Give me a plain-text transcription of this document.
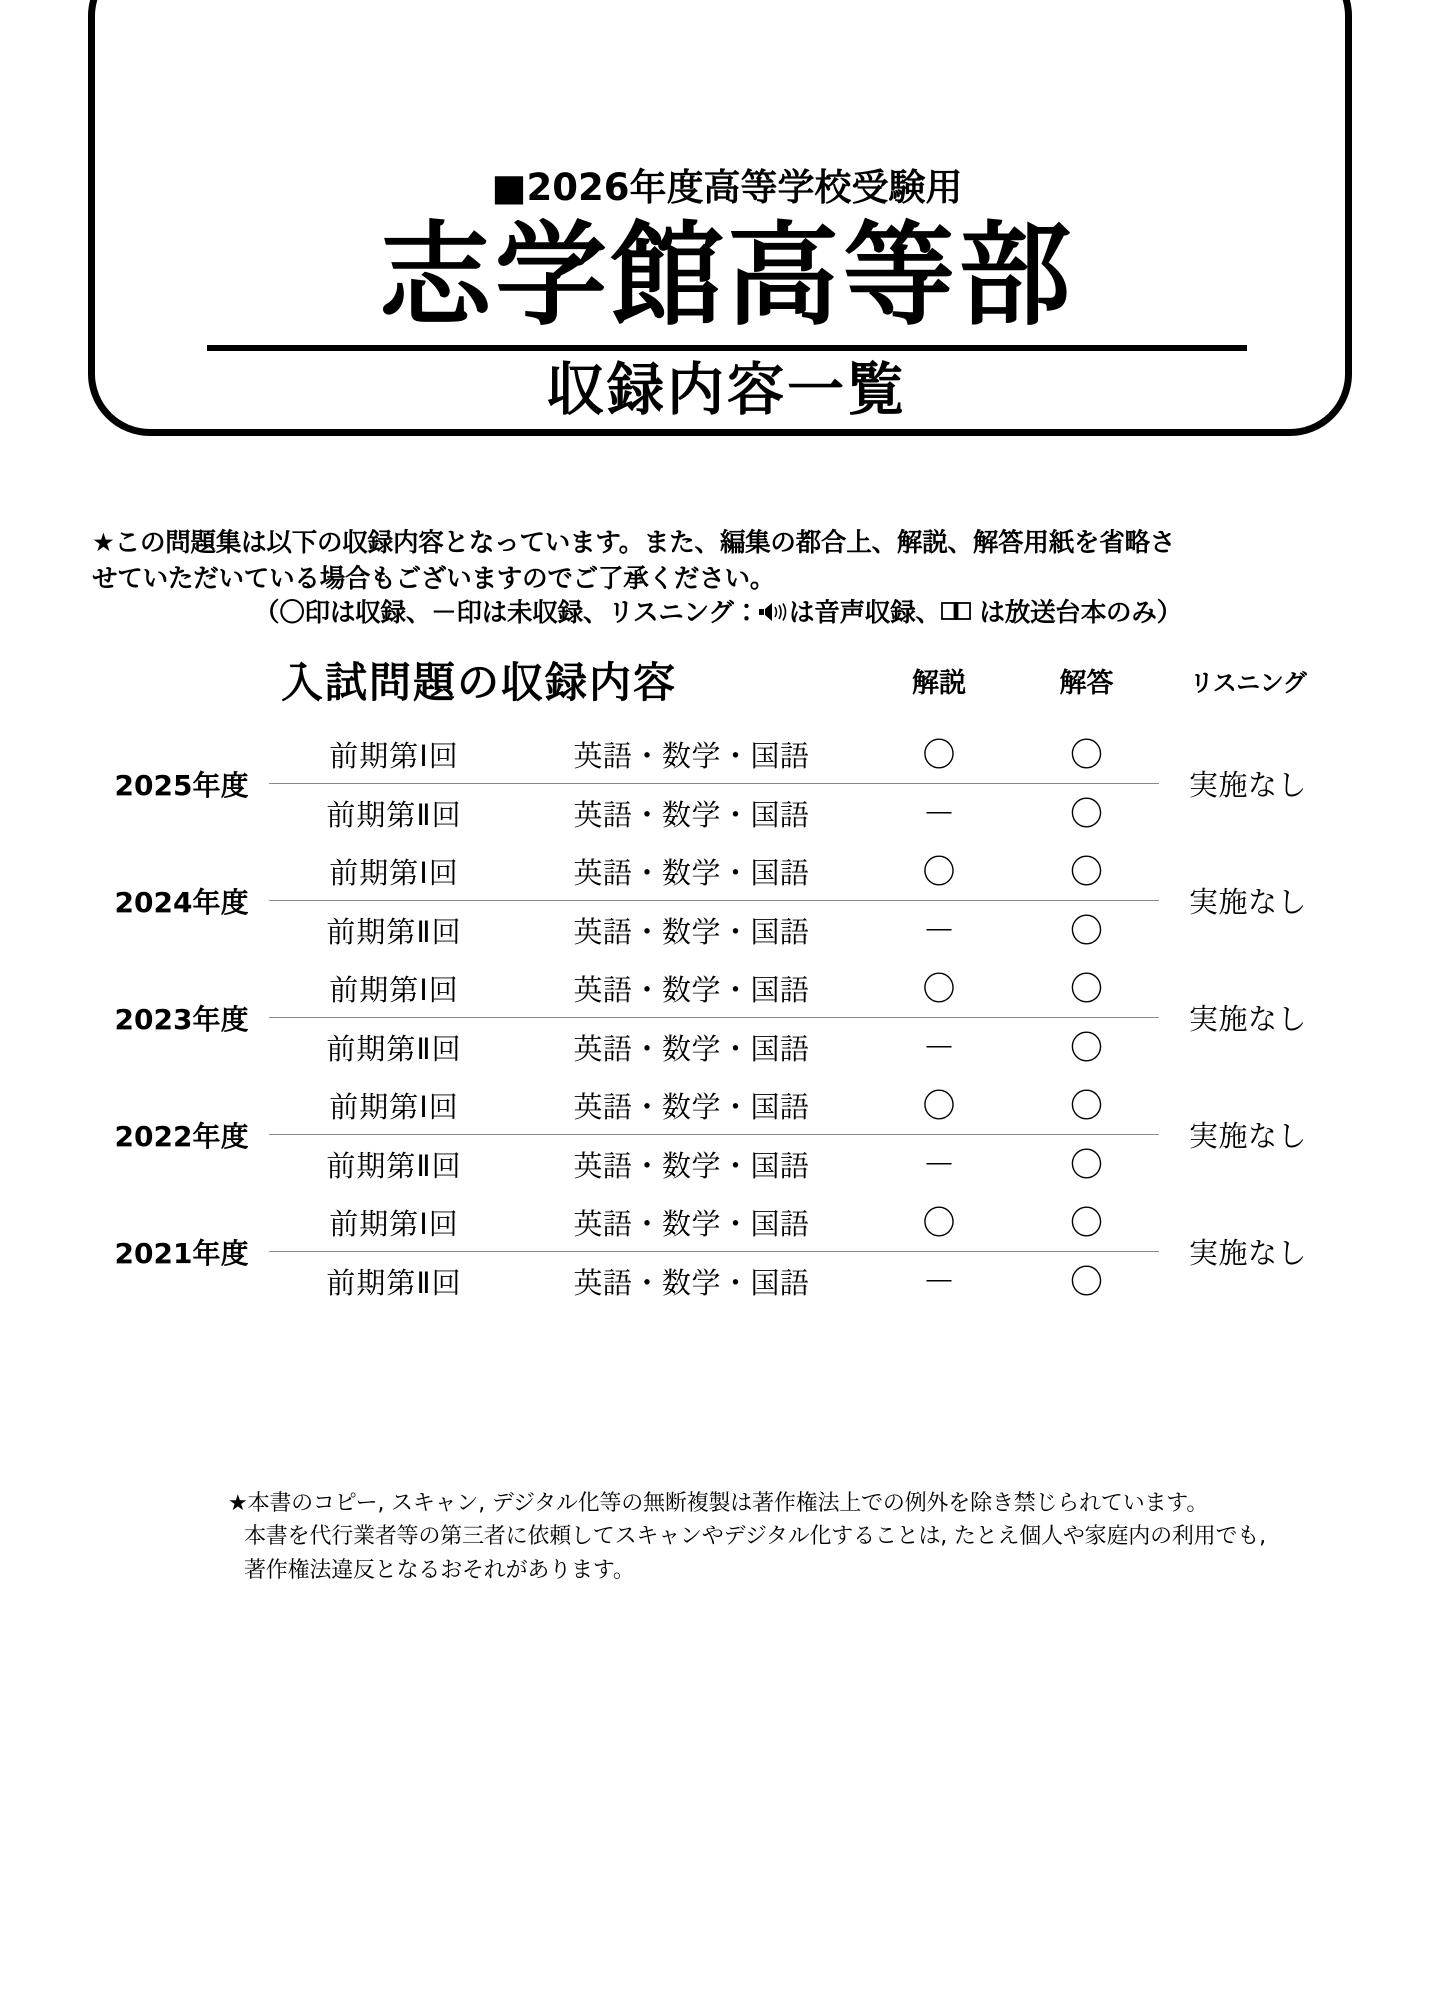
■2026年度高等学校受験用
志学館高等部
収録内容一覧
★この問題集は以下の収録内容となっています。また、編集の都合上、解説、解答用紙を省略さ
せていただいている場合もございますのでご了承ください。
（〇印は収録、－印は未収録、リスニング： は音声収録、 は放送台本のみ）
入試問題の収録内容			解説	解答	リスニング
2025年度	前期第Ⅰ回	英語・数学・国語	〇	〇	実施なし
	前期第Ⅱ回	英語・数学・国語	－	〇	
2024年度	前期第Ⅰ回	英語・数学・国語	〇	〇	実施なし
	前期第Ⅱ回	英語・数学・国語	－	〇	
2023年度	前期第Ⅰ回	英語・数学・国語	〇	〇	実施なし
	前期第Ⅱ回	英語・数学・国語	－	〇	
2022年度	前期第Ⅰ回	英語・数学・国語	〇	〇	実施なし
	前期第Ⅱ回	英語・数学・国語	－	〇	
2021年度	前期第Ⅰ回	英語・数学・国語	〇	〇	実施なし
	前期第Ⅱ回	英語・数学・国語	－	〇	
★本書のコピー, スキャン, デジタル化等の無断複製は著作権法上での例外を除き禁じられています。
本書を代行業者等の第三者に依頼してスキャンやデジタル化することは, たとえ個人や家庭内の利用でも,
著作権法違反となるおそれがあります。
